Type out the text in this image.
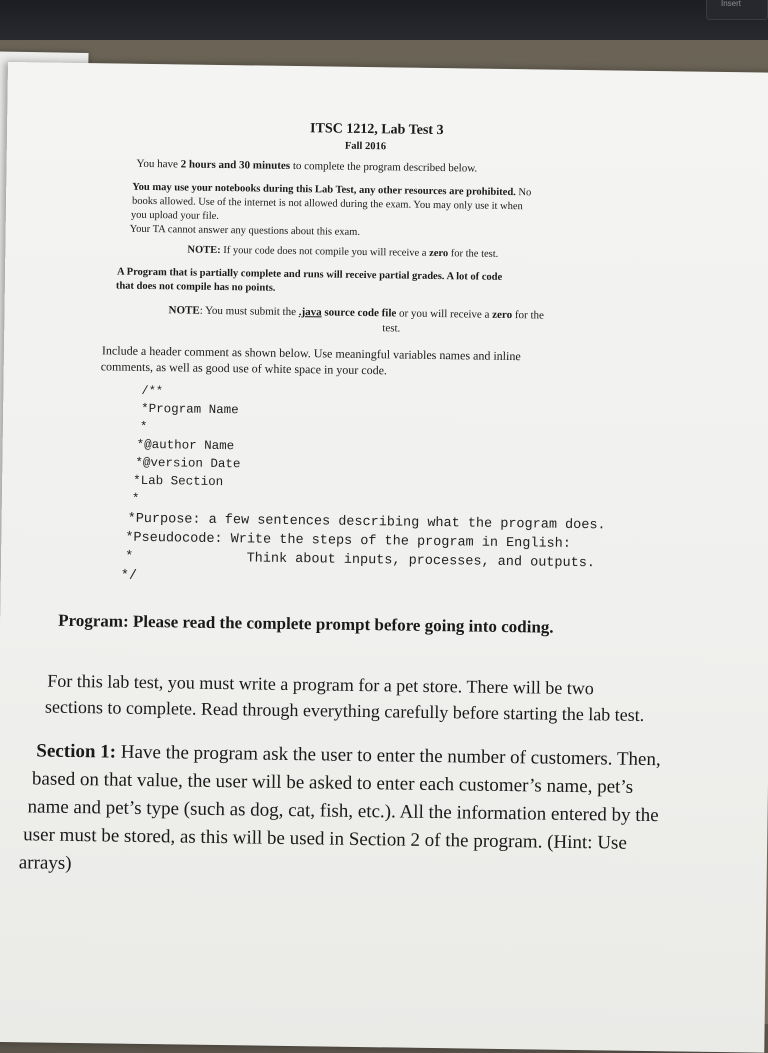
Insert
ITSC 1212, Lab Test 3
Fall 2016
You have 2 hours and 30 minutes to complete the program described below.
You may use your notebooks during this Lab Test, any other resources are prohibited. No
books allowed. Use of the internet is not allowed during the exam. You may only use it when
you upload your file.
Your TA cannot answer any questions about this exam.
NOTE: If your code does not compile you will receive a zero for the test.
A Program that is partially complete and runs will receive partial grades. A lot of code
that does not compile has no points.
NOTE: You must submit the .java source code file or you will receive a zero for the
test.
Include a header comment as shown below. Use meaningful variables names and inline
comments, as well as good use of white space in your code.
/**
*Program Name
*
*@author Name
*@version Date
*Lab Section
*
*Purpose: a few sentences describing what the program does.
*Pseudocode: Write the steps of the program in English:
*              Think about inputs, processes, and outputs.
*/
Program: Please read the complete prompt before going into coding.
For this lab test, you must write a program for a pet store. There will be two
sections to complete. Read through everything carefully before starting the lab test.
Section 1: Have the program ask the user to enter the number of customers. Then,
based on that value, the user will be asked to enter each customer’s name, pet’s
name and pet’s type (such as dog, cat, fish, etc.). All the information entered by the
user must be stored, as this will be used in Section 2 of the program. (Hint: Use
arrays)
